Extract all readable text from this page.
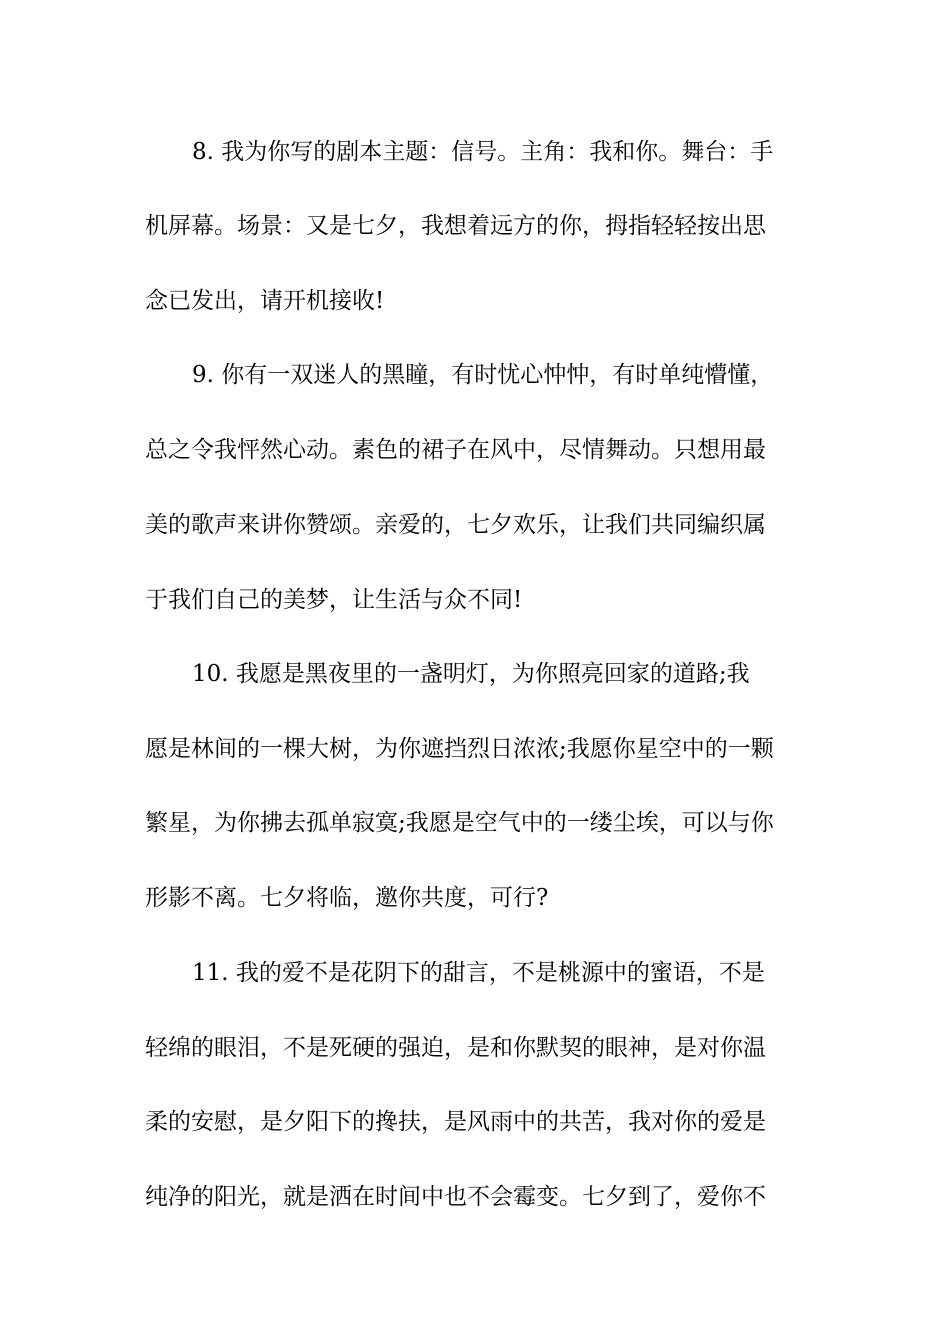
8. 我为你写的剧本主题：信号。主角：我和你。舞台：手
机屏幕。场景：又是七夕，我想着远方的你，拇指轻轻按出思
念已发出，请开机接收!
9. 你有一双迷人的黑瞳，有时忧心忡忡，有时单纯懵懂，
总之令我怦然心动。素色的裙子在风中，尽情舞动。只想用最
美的歌声来讲你赞颂。亲爱的，七夕欢乐，让我们共同编织属
于我们自己的美梦，让生活与众不同!
10. 我愿是黑夜里的一盏明灯，为你照亮回家的道路;我
愿是林间的一棵大树，为你遮挡烈日浓浓;我愿你星空中的一颗
繁星，为你拂去孤单寂寞;我愿是空气中的一缕尘埃，可以与你
形影不离。七夕将临，邀你共度，可行?
11. 我的爱不是花阴下的甜言，不是桃源中的蜜语，不是
轻绵的眼泪，不是死硬的强迫，是和你默契的眼神，是对你温
柔的安慰，是夕阳下的搀扶，是风雨中的共苦，我对你的爱是
纯净的阳光，就是洒在时间中也不会霉变。七夕到了，爱你不
